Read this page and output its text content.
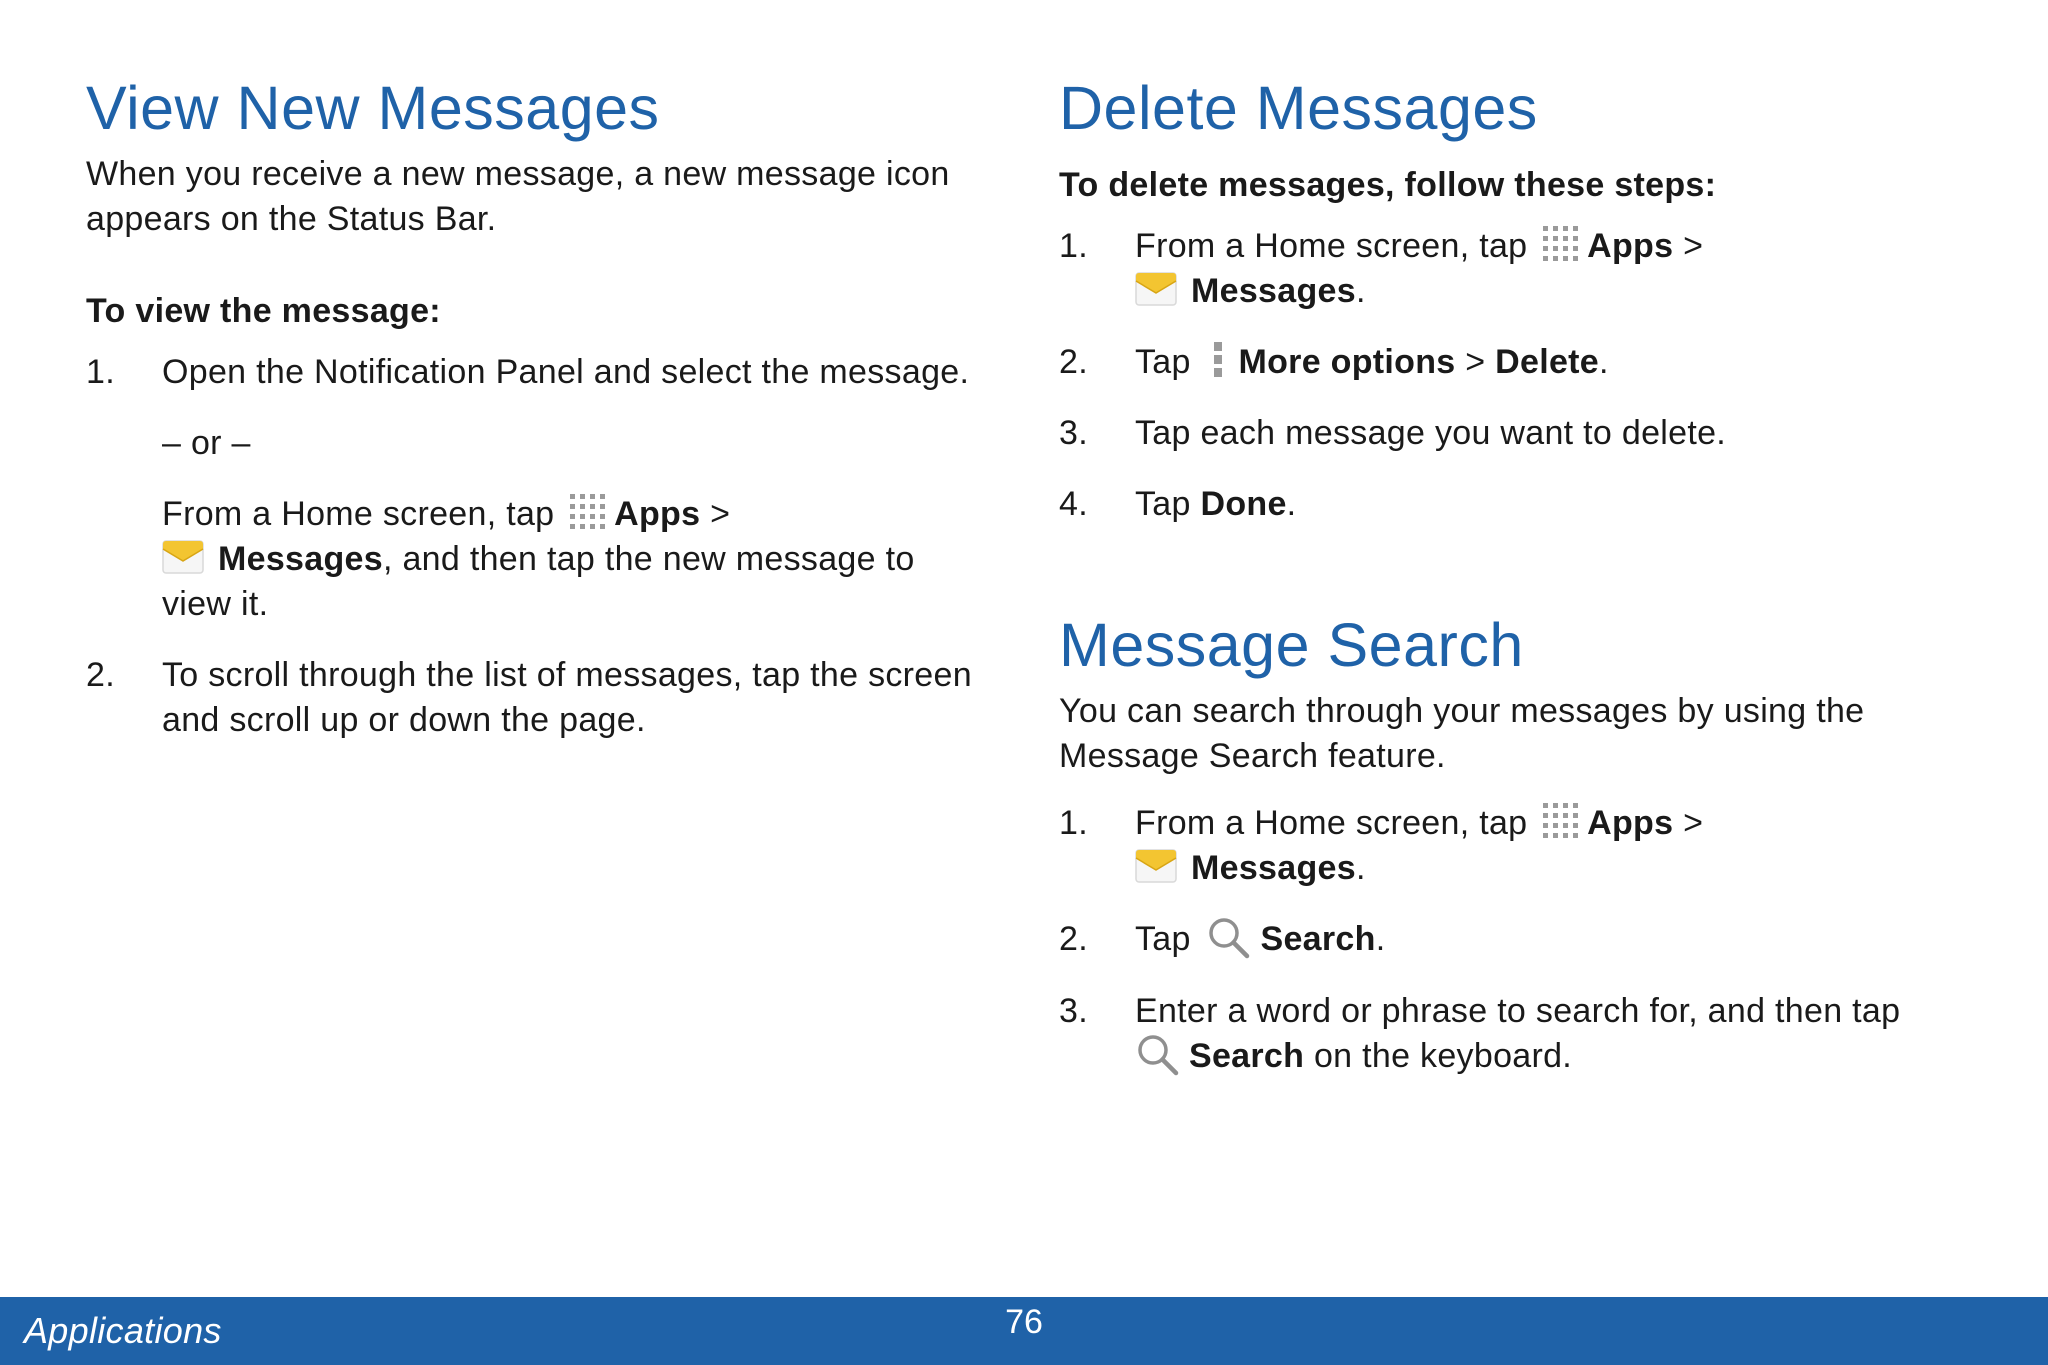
View New Messages

When you receive a new message, a new message icon appears on the Status Bar.

To view the message:
1. Open the Notification Panel and select the message.
– or –
From a Home screen, tap Apps >
Messages, and then tap the new message to view it.
2. To scroll through the list of messages, tap the screen and scroll up or down the page.
Delete Messages
To delete messages, follow these steps:
1. From a Home screen, tap Apps >
Messages.
2. Tap More options > Delete.
3. Tap each message you want to delete.
4. Tap Done.
Message Search

You can search through your messages by using the Message Search feature.

1. From a Home screen, tap Apps >
Messages.
2. Tap Search.
3. Enter a word or phrase to search for, and then tap
Search on the keyboard.
76
Applications
